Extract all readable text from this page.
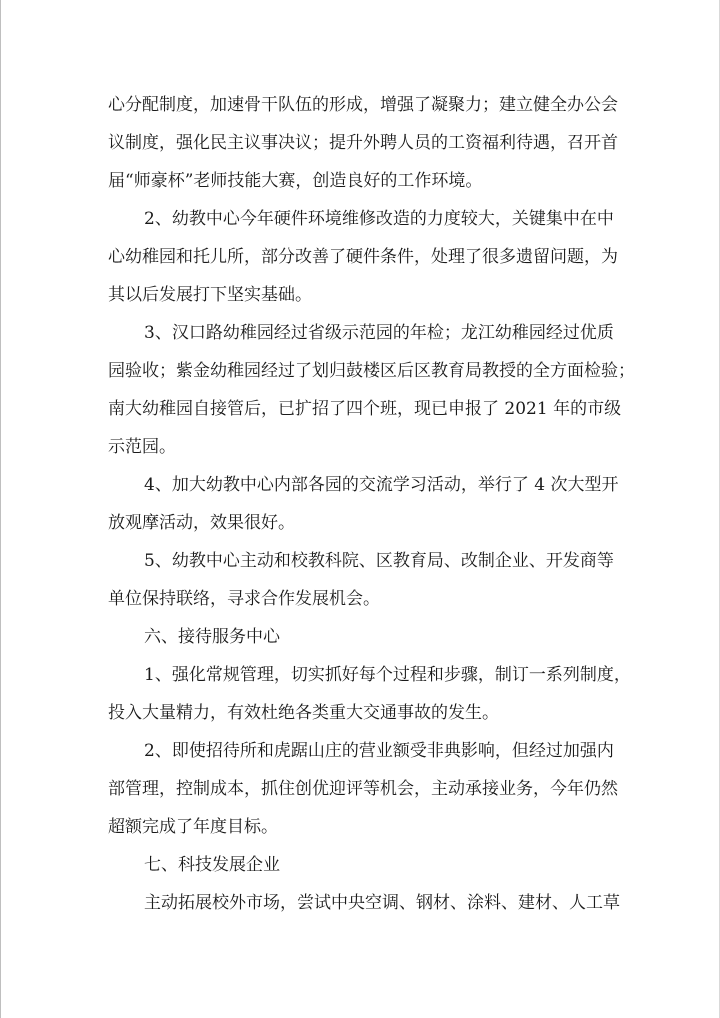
心分配制度，加速骨干队伍的形成，增强了凝聚力；建立健全办公会

议制度，强化民主议事决议；提升外聘人员的工资福利待遇，召开首

届“师豪杯”老师技能大赛，创造良好的工作环境。

2、幼教中心今年硬件环境维修改造的力度较大，关键集中在中

心幼稚园和托儿所，部分改善了硬件条件，处理了很多遗留问题，为

其以后发展打下坚实基础。

3、汉口路幼稚园经过省级示范园的年检；龙江幼稚园经过优质

园验收；紫金幼稚园经过了划归鼓楼区后区教育局教授的全方面检验；

南大幼稚园自接管后，已扩招了四个班，现已申报了 2021 年的市级

示范园。

4、加大幼教中心内部各园的交流学习活动，举行了 4 次大型开

放观摩活动，效果很好。

5、幼教中心主动和校教科院、区教育局、改制企业、开发商等

单位保持联络，寻求合作发展机会。

六、接待服务中心

1、强化常规管理，切实抓好每个过程和步骤，制订一系列制度，

投入大量精力，有效杜绝各类重大交通事故的发生。

2、即使招待所和虎踞山庄的营业额受非典影响，但经过加强内

部管理，控制成本，抓住创优迎评等机会，主动承接业务，今年仍然

超额完成了年度目标。

七、科技发展企业

主动拓展校外市场，尝试中央空调、钢材、涂料、建材、人工草
